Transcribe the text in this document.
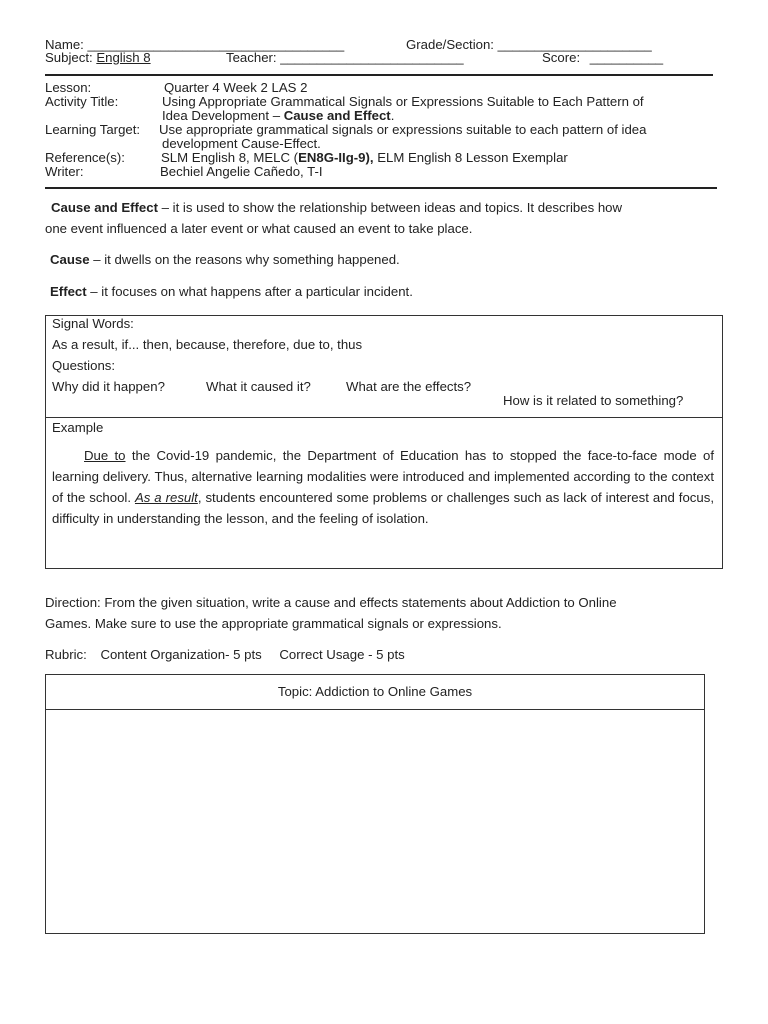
Name: ___________________________________	Grade/Section: _____________________
Subject: English 8	Teacher: _________________________	Score: __________
Lesson:	Quarter 4 Week 2 LAS 2
Activity Title:	Using Appropriate Grammatical Signals or Expressions Suitable to Each Pattern of
Idea Development – Cause and Effect.
Learning Target: Use appropriate grammatical signals or expressions suitable to each pattern of idea
development Cause-Effect.
Reference(s):	SLM English 8, MELC (EN8G-IIg-9), ELM English 8 Lesson Exemplar
Writer:	Bechiel Angelie Cañedo, T-I
Cause and Effect – it is used to show the relationship between ideas and topics. It describes how
one event influenced a later event or what caused an event to take place.
Cause – it dwells on the reasons why something happened.
Effect – it focuses on what happens after a particular incident.
Signal Words:
As a result, if... then, because, therefore, due to, thus
Questions:
Why did it happen?	What it caused it?	What are the effects?
How is it related to something?
Example
Due to the Covid-19 pandemic, the Department of Education has to stopped the face-to-face mode of learning delivery. Thus, alternative learning modalities were introduced and implemented according to the context of the school. As a result, students encountered some problems or challenges such as lack of interest and focus, difficulty in understanding the lesson, and the feeling of isolation.
Direction: From the given situation, write a cause and effects statements about Addiction to Online
Games. Make sure to use the appropriate grammatical signals or expressions.
Rubric: Content Organization- 5 pts Correct Usage - 5 pts
Topic: Addiction to Online Games
